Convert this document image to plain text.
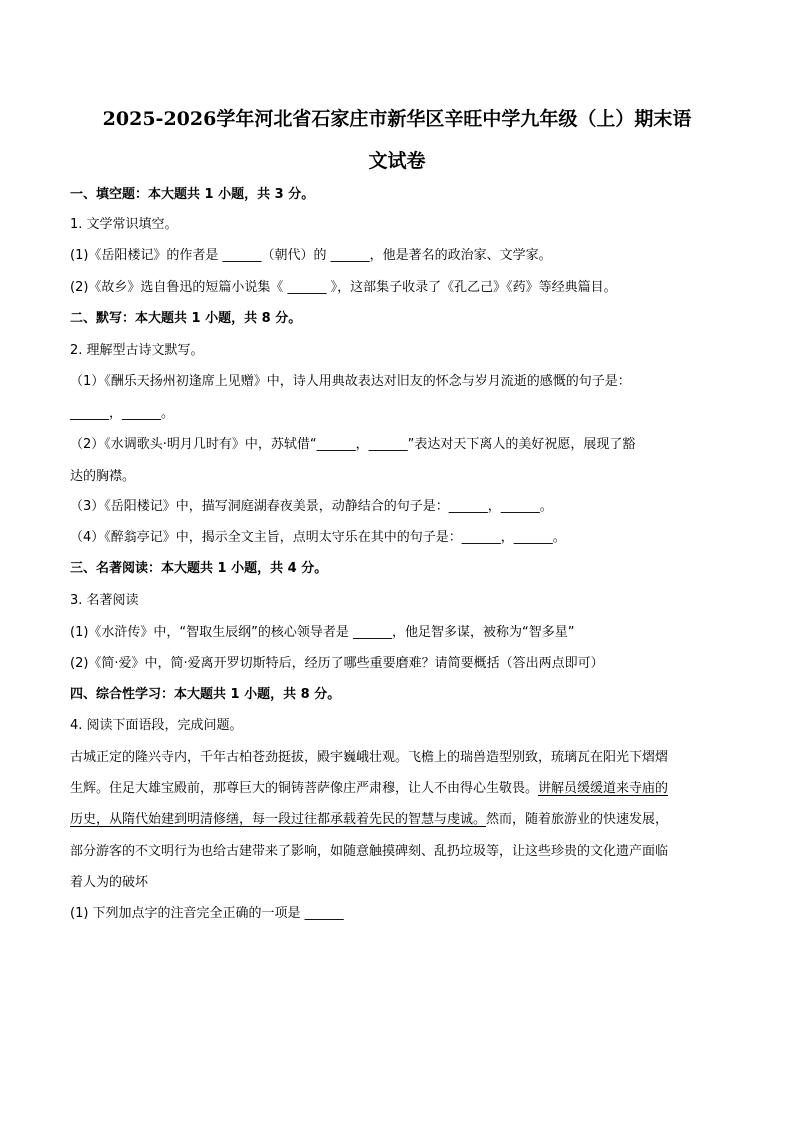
2025-2026学年河北省石家庄市新华区辛旺中学九年级（上）期末语
文试卷
一、填空题：本大题共 1 小题，共 3 分。
1. 文学常识填空。
(1)《岳阳楼记》的作者是 ______（朝代）的 ______，他是著名的政治家、文学家。
(2)《故乡》选自鲁迅的短篇小说集《 ______ 》，这部集子收录了《孔乙己》《药》等经典篇目。
二、默写：本大题共 1 小题，共 8 分。
2. 理解型古诗文默写。
（1）《酬乐天扬州初逢席上见赠》中，诗人用典故表达对旧友的怀念与岁月流逝的感慨的句子是：
______，______。
（2）《水调歌头·明月几时有》中，苏轼借“______，______”表达对天下离人的美好祝愿，展现了豁
达的胸襟。
（3）《岳阳楼记》中，描写洞庭湖春夜美景，动静结合的句子是：______，______。
（4）《醉翁亭记》中，揭示全文主旨，点明太守乐在其中的句子是：______，______。
三、名著阅读：本大题共 1 小题，共 4 分。
3. 名著阅读
(1)《水浒传》中，“智取生辰纲”的核心领导者是 ______，他足智多谋，被称为“智多星”
(2)《简·爱》中，简·爱离开罗切斯特后，经历了哪些重要磨难？请简要概括（答出两点即可）
四、综合性学习：本大题共 1 小题，共 8 分。
4. 阅读下面语段，完成问题。
古城正定的隆兴寺内，千年古柏苍劲挺拔，殿宇巍峨壮观。飞檐上的瑞兽造型别致，琉璃瓦在阳光下熠熠
生辉。住足大雄宝殿前，那尊巨大的铜铸菩萨像庄严肃穆，让人不由得心生敬畏。讲解员缓缓道来寺庙的
历史，从隋代始建到明清修缮，每一段过往都承载着先民的智慧与虔诚。然而，随着旅游业的快速发展，
部分游客的不文明行为也给古建带来了影响，如随意触摸碑刻、乱扔垃圾等，让这些珍贵的文化遗产面临
着人为的破坏
(1) 下列加点字的注音完全正确的一项是 ______
